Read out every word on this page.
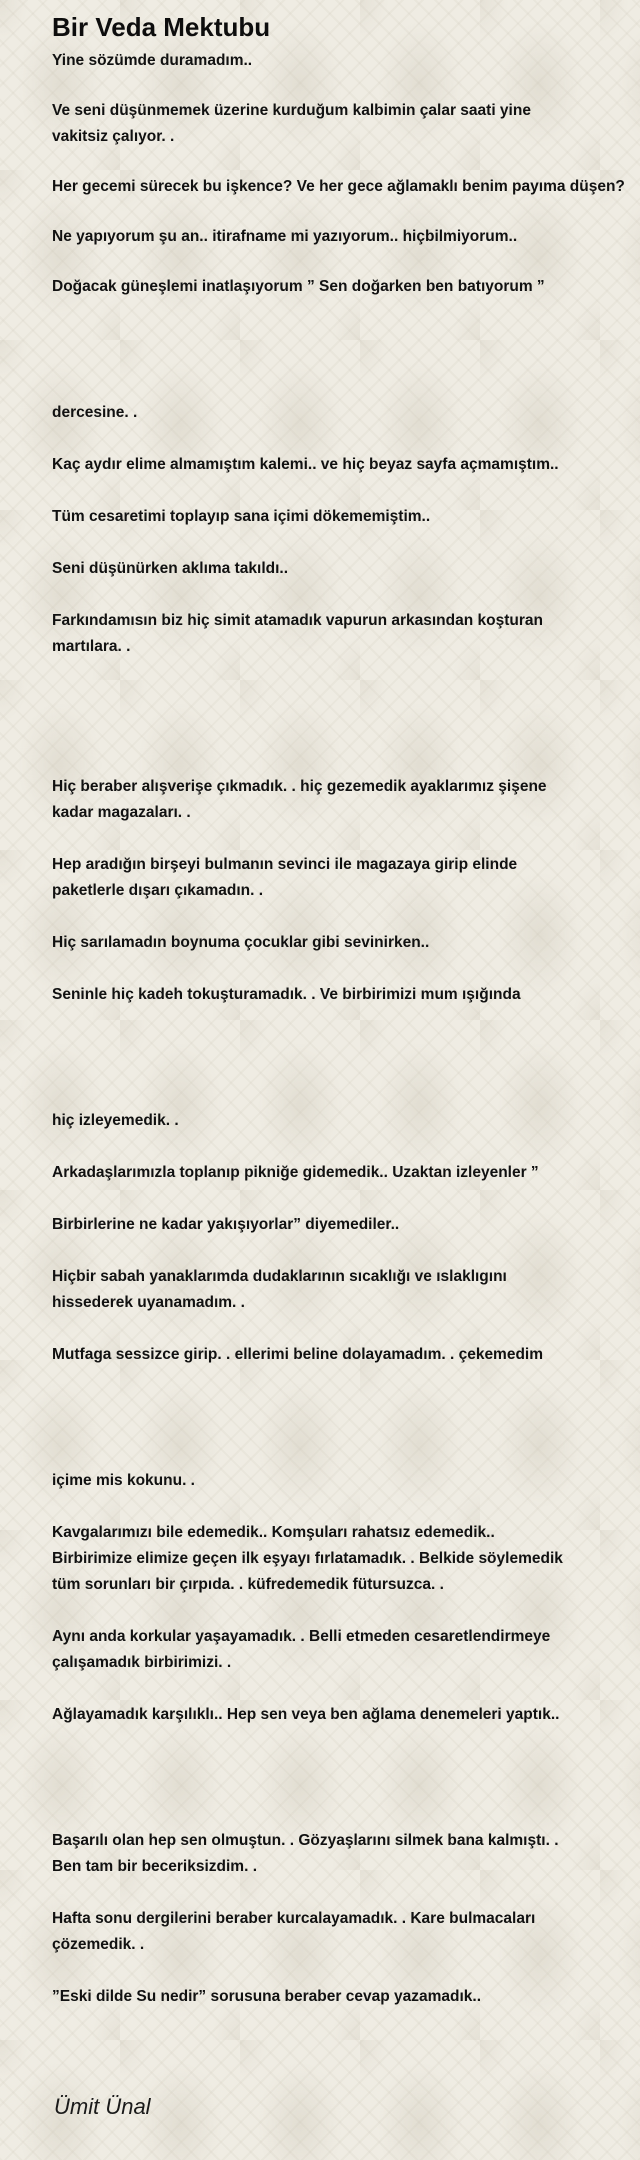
Bir Veda Mektubu

Yine sözümde duramadım..

Ve seni düşünmemek üzerine kurduğum kalbimin çalar saati yine
vakitsiz çalıyor. .

Her gecemi sürecek bu işkence? Ve her gece ağlamaklı benim payıma düşen?

Ne yapıyorum şu an.. itirafname mi yazıyorum.. hiçbilmiyorum..

Doğacak güneşlemi inatlaşıyorum ” Sen doğarken ben batıyorum ”

dercesine. .

Kaç aydır elime almamıştım kalemi.. ve hiç beyaz sayfa açmamıştım..

Tüm cesaretimi toplayıp sana içimi dökememiştim..

Seni düşünürken aklıma takıldı..

Farkındamısın biz hiç simit atamadık vapurun arkasından koşturan
martılara. .

Hiç beraber alışverişe çıkmadık. . hiç gezemedik ayaklarımız şişene
kadar magazaları. .

Hep aradığın birşeyi bulmanın sevinci ile magazaya girip elinde
paketlerle dışarı çıkamadın. .

Hiç sarılamadın boynuma çocuklar gibi sevinirken..

Seninle hiç kadeh tokuşturamadık. . Ve birbirimizi mum ışığında

hiç izleyemedik. .

Arkadaşlarımızla toplanıp pikniğe gidemedik.. Uzaktan izleyenler ”

Birbirlerine ne kadar yakışıyorlar” diyemediler..

Hiçbir sabah yanaklarımda dudaklarının sıcaklığı ve ıslaklıgını
hissederek uyanamadım. .

Mutfaga sessizce girip. . ellerimi beline dolayamadım. . çekemedim

içime mis kokunu. .

Kavgalarımızı bile edemedik.. Komşuları rahatsız edemedik..
Birbirimize elimize geçen ilk eşyayı fırlatamadık. . Belkide söylemedik
tüm sorunları bir çırpıda. . küfredemedik fütursuzca. .

Aynı anda korkular yaşayamadık. . Belli etmeden cesaretlendirmeye
çalışamadık birbirimizi. .

Ağlayamadık karşılıklı.. Hep sen veya ben ağlama denemeleri yaptık..

Başarılı olan hep sen olmuştun. . Gözyaşlarını silmek bana kalmıştı. .
Ben tam bir beceriksizdim. .

Hafta sonu dergilerini beraber kurcalayamadık. . Kare bulmacaları
çözemedik. .

”Eski dilde Su nedir” sorusuna beraber cevap yazamadık..

Ümit Ünal
